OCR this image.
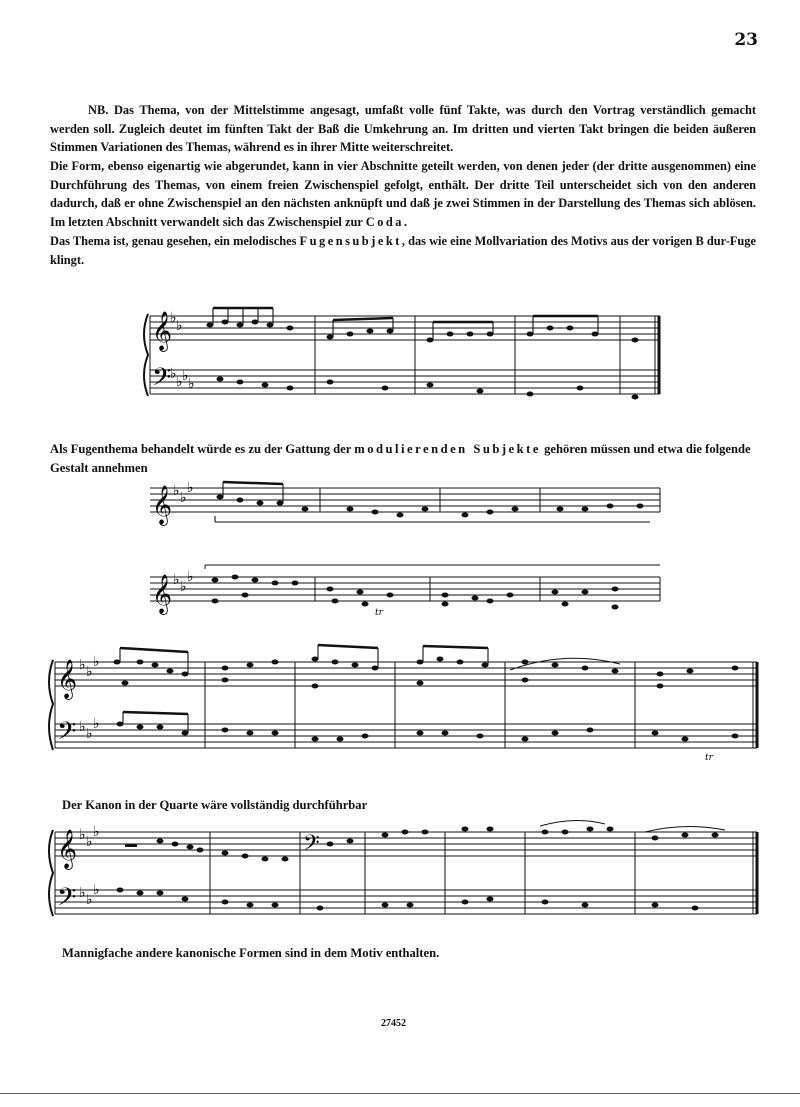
23

NB. Das Thema, von der Mittelstimme angesagt, umfaßt volle fünf Takte, was durch den Vortrag verständlich gemacht werden soll. Zugleich deutet im fünften Takt der Baß die Umkehrung an. Im dritten und vierten Takt bringen die beiden äußeren Stimmen Variationen des Themas, während es in ihrer Mitte weiterschreitet.

Die Form, ebenso eigenartig wie abgerundet, kann in vier Abschnitte geteilt werden, von denen jeder (der dritte ausgenommen) eine Durchführung des Themas, von einem freien Zwischenspiel gefolgt, enthält. Der dritte Teil unterscheidet sich von den anderen dadurch, daß er ohne Zwischenspiel an den nächsten anknüpft und daß je zwei Stimmen in der Darstellung des Themas sich ablösen. Im letzten Abschnitt verwandelt sich das Zwischenspiel zur Coda.

Das Thema ist, genau gesehen, ein melodisches Fugensubjekt, das wie eine Mollvariation des Motivs aus der vorigen B dur-Fuge klingt.

𝄞
𝄢
♭ ♭
♭ ♭ ♭ ♭
Als Fugenthema behandelt würde es zu der Gattung der modulierenden Subjekte gehören müssen und etwa die folgende Gestalt annehmen
𝄞 ♭ ♭
♭
𝄞 ♭ ♭
♭
tr
𝄞
𝄢
♭ ♭
♭
♭ ♭
♭
tr
Der Kanon in der Quarte wäre vollständig durchführbar
𝄞
𝄢
𝄢
♭ ♭
♭
♭ ♭
♭
Mannigfache andere kanonische Formen sind in dem Motiv enthalten.
27452
